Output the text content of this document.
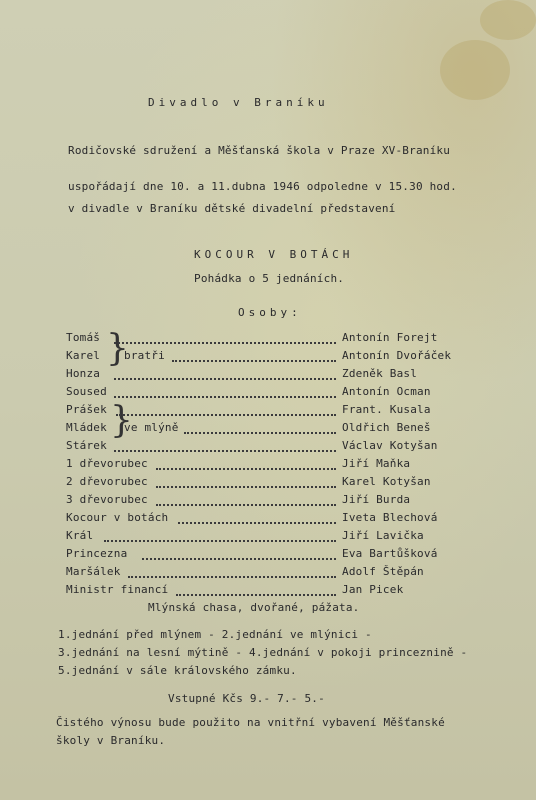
Divadlo v Braníku
Rodičovské sdružení a Měšťanská škola v Praze XV-Braníku
uspořádají dne 10. a 11.dubna 1946 odpoledne v 15.30 hod.
v divadle v Braníku dětské divadelní představení
KOCOUR V BOTÁCH
Pohádka o 5 jednáních.
Osoby:
Tomáš
Karel
Honza
Soused
Prášek
Mládek
Stárek
1 dřevorubec
2 dřevorubec
3 dřevorubec
Kocour v botách
Král
Princezna
Maršálek
Ministr financí
}
bratři
}
ve mlýně
Antonín Forejt
Antonín Dvořáček
Zdeněk Basl
Antonín Ocman
Frant. Kusala
Oldřich Beneš
Václav Kotyšan
Jiří Maňka
Karel Kotyšan
Jiří Burda
Iveta Blechová
Jiří Lavička
Eva Bartůšková
Adolf Štěpán
Jan Picek
Mlýnská chasa, dvořané, pážata.
1.jednání před mlýnem - 2.jednání ve mlýnici -
3.jednání na lesní mýtině - 4.jednání v pokoji princeznině -
5.jednání v sále královského zámku.
Vstupné Kčs 9.- 7.- 5.-
Čistého výnosu bude použito na vnitřní vybavení Měšťanské
školy v Braníku.
